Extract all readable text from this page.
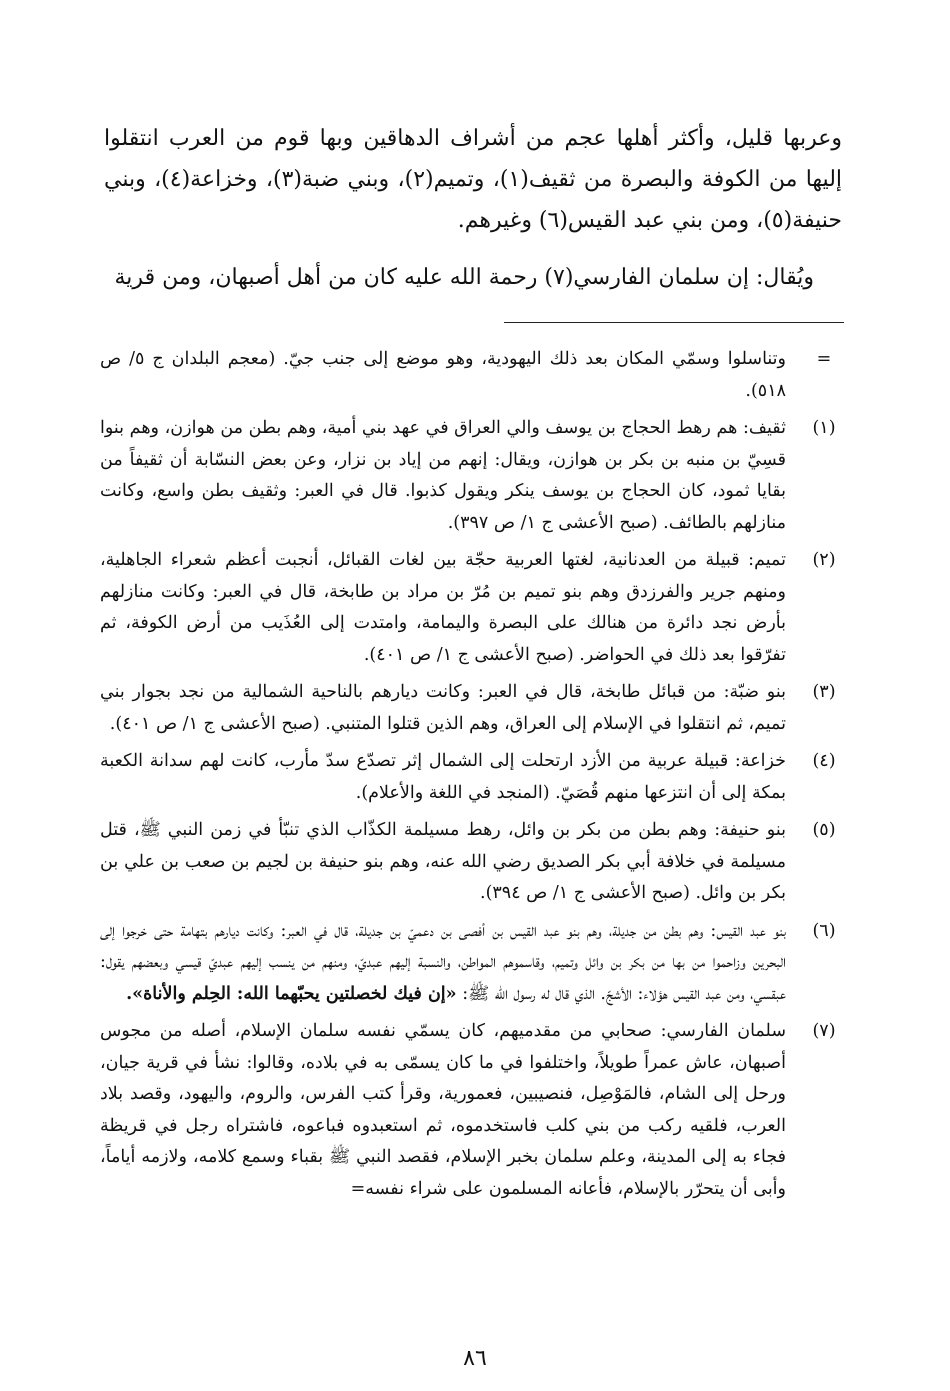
وعربها قليل، وأكثر أهلها عجم من أشراف الدهاقين وبها قوم من العرب انتقلوا إليها من الكوفة والبصرة من ثقيف(١)، وتميم(٢)، وبني ضبة(٣)، وخزاعة(٤)، وبني حنيفة(٥)، ومن بني عبد القيس(٦) وغيرهم.

ويُقال: إن سلمان الفارسي(٧) رحمة الله عليه كان من أهل أصبهان، ومن قرية

=
وتناسلوا وسمّي المكان بعد ذلك اليهودية، وهو موضع إلى جنب جيّ. (معجم البلدان ج ٥/ ص ٥١٨).
(١)
ثقيف: هم رهط الحجاج بن يوسف والي العراق في عهد بني أمية، وهم بطن من هوازن، وهم بنوا قسِيّ بن منبه بن بكر بن هوازن، ويقال: إنهم من إياد بن نزار، وعن بعض النسّابة أن ثقيفاً من بقايا ثمود، كان الحجاج بن يوسف ينكر ويقول كذبوا. قال في العبر: وثقيف بطن واسع، وكانت منازلهم بالطائف. (صبح الأعشى ج ١/ ص ٣٩٧).
(٢)
تميم: قبيلة من العدنانية، لغتها العربية حجّة بين لغات القبائل، أنجبت أعظم شعراء الجاهلية، ومنهم جرير والفرزدق وهم بنو تميم بن مُرّ بن مراد بن طابخة، قال في العبر: وكانت منازلهم بأرض نجد دائرة من هنالك على البصرة واليمامة، وامتدت إلى العُذَيب من أرض الكوفة، ثم تفرّقوا بعد ذلك في الحواضر. (صبح الأعشى ج ١/ ص ٤٠١).
(٣)
بنو ضبّة: من قبائل طابخة، قال في العبر: وكانت ديارهم بالناحية الشمالية من نجد بجوار بني تميم، ثم انتقلوا في الإسلام إلى العراق، وهم الذين قتلوا المتنبي. (صبح الأعشى ج ١/ ص ٤٠١).
(٤)
خزاعة: قبيلة عربية من الأزد ارتحلت إلى الشمال إثر تصدّع سدّ مأرب، كانت لهم سدانة الكعبة بمكة إلى أن انتزعها منهم قُصَيّ. (المنجد في اللغة والأعلام).
(٥)
بنو حنيفة: وهم بطن من بكر بن وائل، رهط مسيلمة الكذّاب الذي تنبّأ في زمن النبي ﷺ، قتل مسيلمة في خلافة أبي بكر الصديق رضي الله عنه، وهم بنو حنيفة بن لجيم بن صعب بن علي بن بكر بن وائل. (صبح الأعشى ج ١/ ص ٣٩٤).
(٦)
بنو عبد القيس: وهم بطن من جديلة، وهم بنو عبد القيس بن أفصى بن دعميّ بن جديلة، قال في العبر: وكانت ديارهم بتهامة حتى خرجوا إلى البحرين وزاحموا من بها من بكر بن وائل وتميم، وقاسموهم المواطن، والنسبة إليهم عبديّ، ومنهم من ينسب إليهم عبديّ قيسي وبعضهم يقول: عبقسي، ومن عبد القيس هؤلاء: الأشجّ. الذي قال له رسول الله ﷺ: «إن فيك لخصلتين يحبّهما الله: الحِلم والأناة».
(٧)
سلمان الفارسي: صحابي من مقدميهم، كان يسمّي نفسه سلمان الإسلام، أصله من مجوس أصبهان، عاش عمراً طويلاً، واختلفوا في ما كان يسمّى به في بلاده، وقالوا: نشأ في قرية جيان، ورحل إلى الشام، فالمَوْصِل، فنصيبين، فعمورية، وقرأ كتب الفرس، والروم، واليهود، وقصد بلاد العرب، فلقيه ركب من بني كلب فاستخدموه، ثم استعبدوه فباعوه، فاشتراه رجل في قريظة فجاء به إلى المدينة، وعلم سلمان بخبر الإسلام، فقصد النبي ﷺ بقباء وسمع كلامه، ولازمه أياماً، وأبى أن يتحرّر بالإسلام، فأعانه المسلمون على شراء نفسه=
٨٦
